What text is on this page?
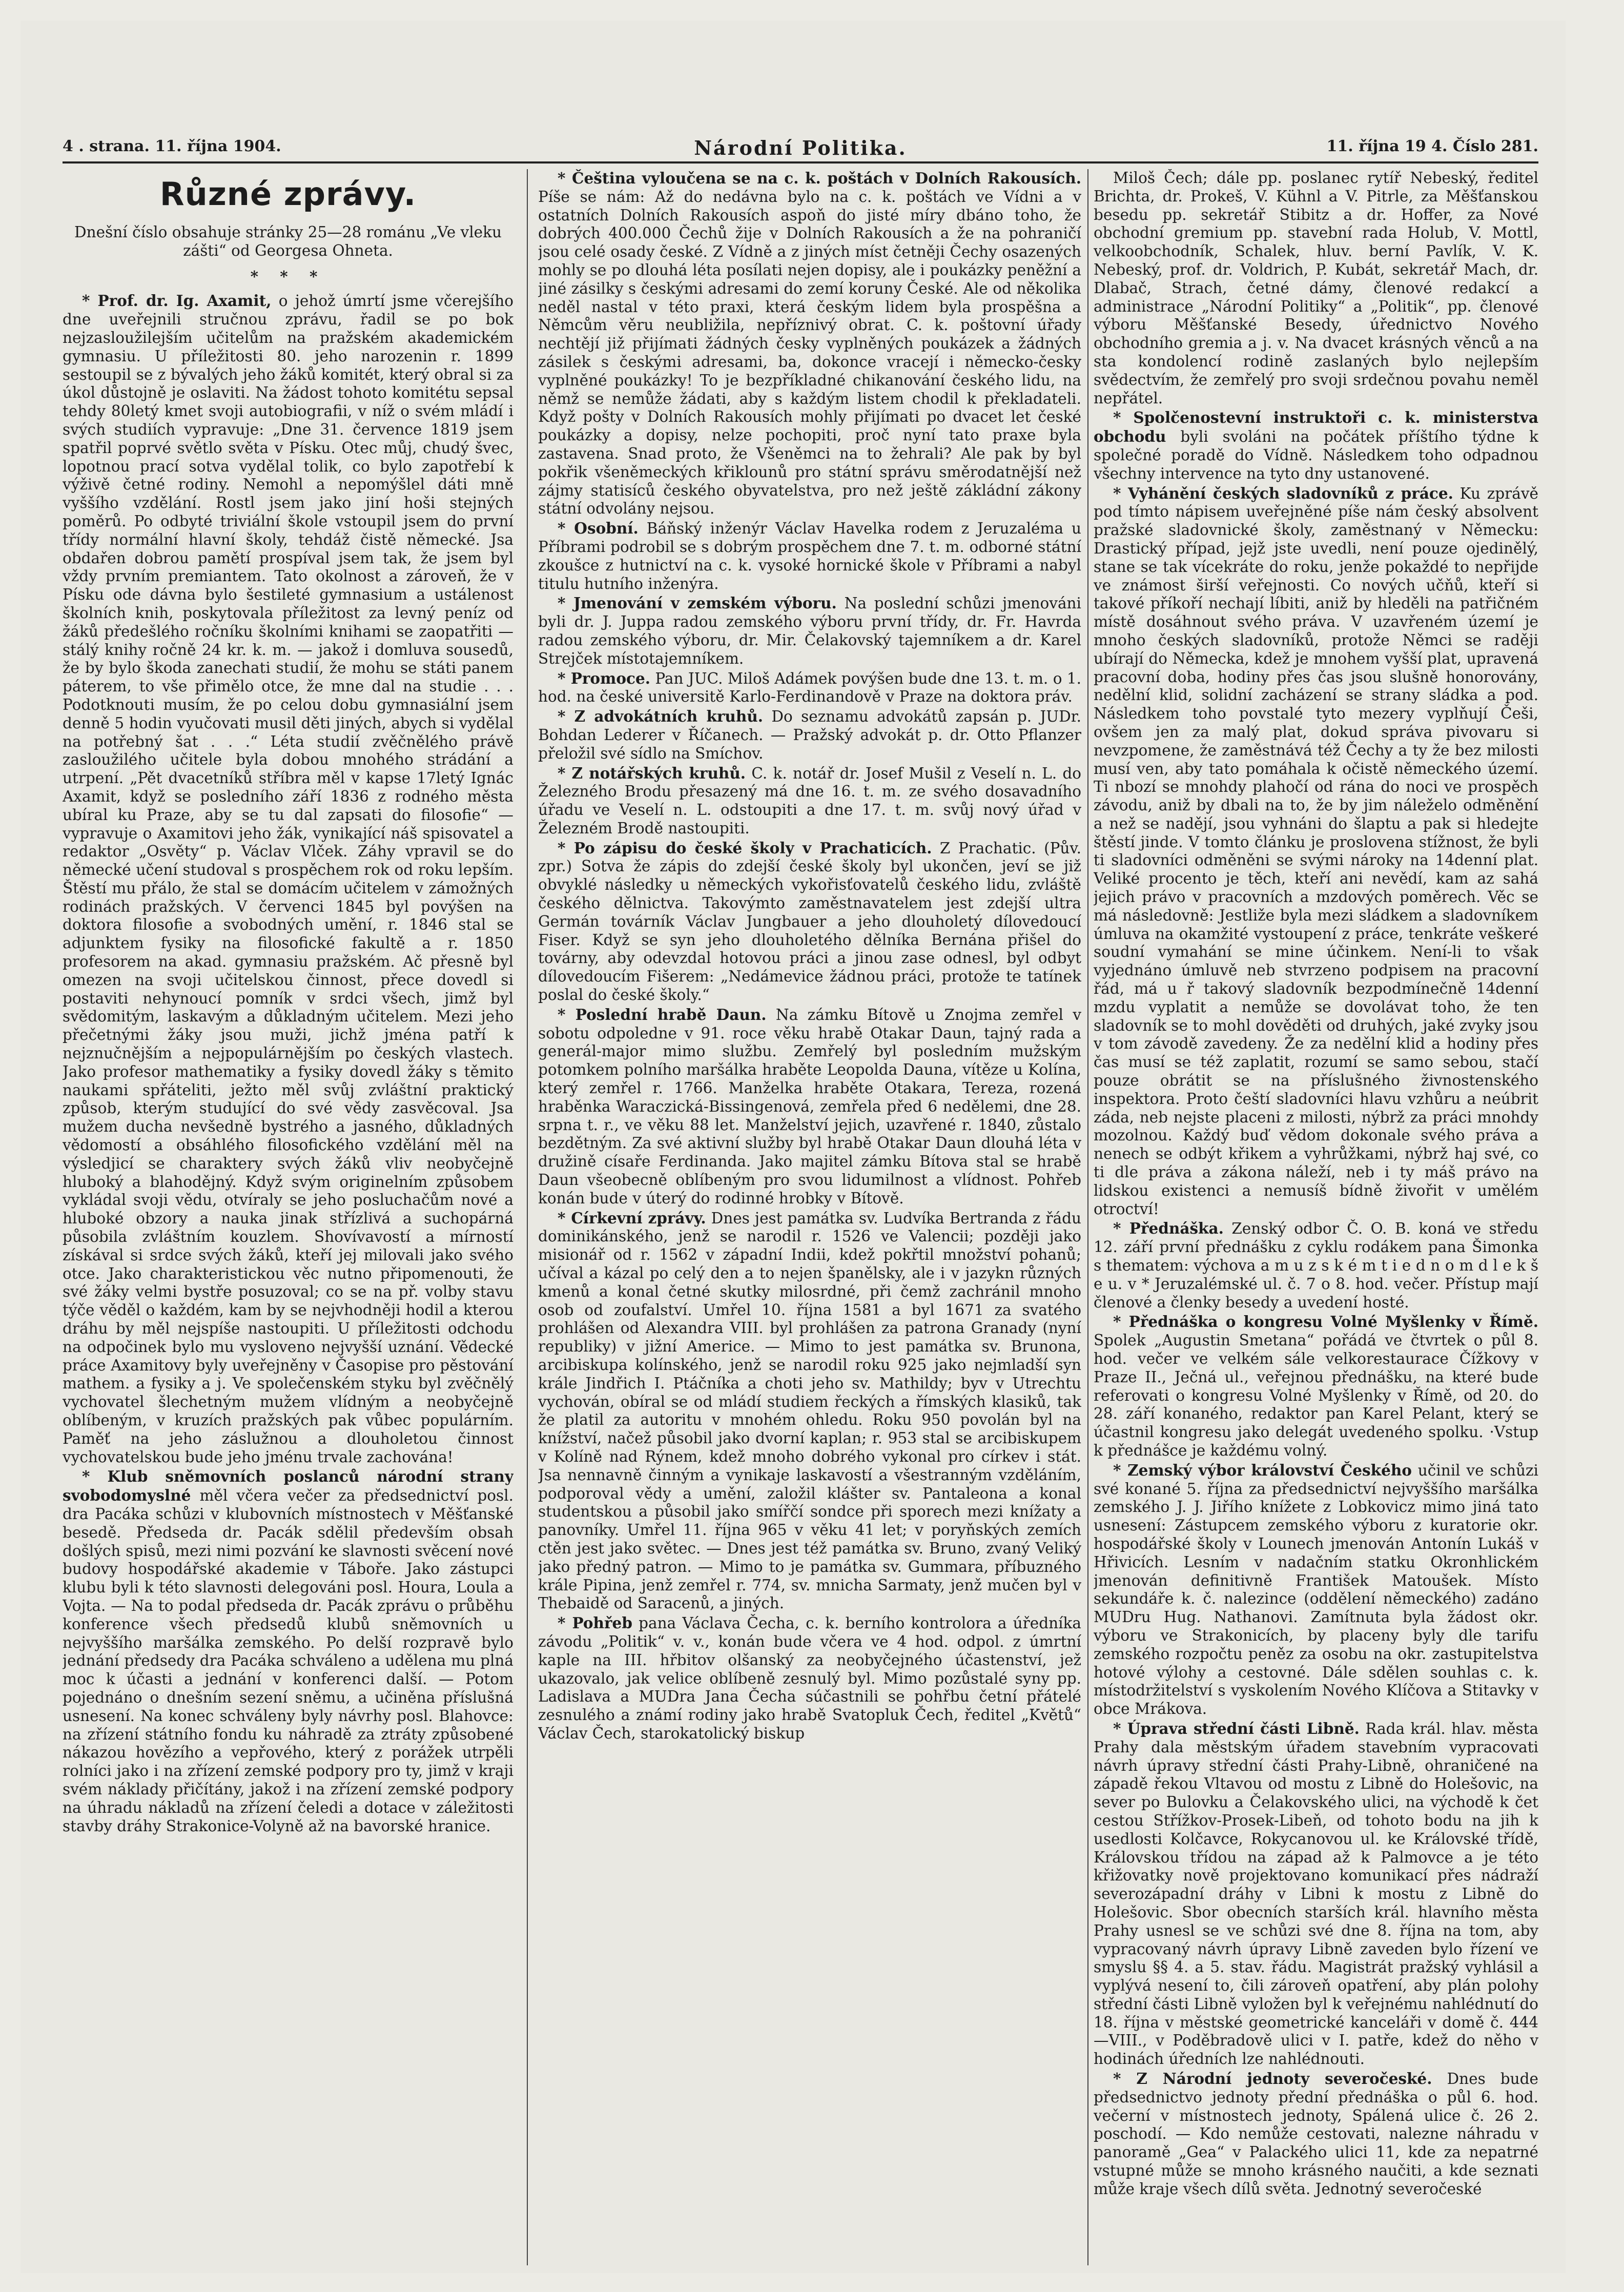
4 . strana. 11. října 1904.	Národní Politika.	11. října 19 4. Číslo 281.
Různé zprávy.

Dnešní číslo obsahuje stránky 25—28 románu „Ve vleku zášti“ od Georgesa Ohneta.

* * *

* Prof. dr. Ig. Axamit, o jehož úmrtí jsme včerejšího dne uveřejnili stručnou zprávu, řadil se po bok nejzasloužilejším učitelům na pražském akademickém gymnasiu. U příležitosti 80. jeho narozenin r. 1899 sestoupil se z bývalých jeho žáků komitét, který obral si za úkol důstojně je oslaviti. Na žádost tohoto komitétu sepsal tehdy 80letý kmet svoji autobiografii, v níž o svém mládí i svých studiích vypravuje: „Dne 31. července 1819 jsem spatřil poprvé světlo světa v Písku. Otec můj, chudý švec, lopotnou prací sotva vydělal tolik, co bylo zapotřebí k výživě četné rodiny. Nemohl a nepomýšlel dáti mně vyššího vzdělání. Rostl jsem jako jiní hoši stejných poměrů. Po odbyté triviální škole vstoupil jsem do první třídy normální hlavní školy, tehdáž čistě německé. Jsa obdařen dobrou pamětí prospíval jsem tak, že jsem byl vždy prvním premiantem. Tato okolnost a zároveň, že v Písku ode dávna bylo šestileté gymnasium a ustálenost školních knih, poskytovala příležitost za levný peníz od žáků předešlého ročníku školními knihami se zaopatřiti — stálý knihy ročně 24 kr. k. m. — jakož i domluva sousedů, že by bylo škoda zanechati studií, že mohu se státi panem páterem, to vše přimělo otce, že mne dal na studie . . . Podotknouti musím, že po celou dobu gymnasiální jsem denně 5 hodin vyučovati musil děti jiných, abych si vydělal na potřebný šat . . .“ Léta studií zvěčnělého právě zasloužilého učitele byla dobou mnohého strádání a utrpení. „Pět dvacetníků stříbra měl v kapse 17letý Ignác Axamit, když se posledního září 1836 z rodného města ubíral ku Praze, aby se tu dal zapsati do filosofie“ — vypravuje o Axamitovi jeho žák, vynikající náš spisovatel a redaktor „Osvěty“ p. Václav Vlček. Záhy vpravil se do německé učení studoval s prospěchem rok od roku lepším. Štěstí mu přálo, že stal se domácím učitelem v zámožných rodinách pražských. V červenci 1845 byl povýšen na doktora filosofie a svobodných umění, r. 1846 stal se adjunktem fysiky na filosofické fakultě a r. 1850 profesorem na akad. gymnasiu pražském. Ač přesně byl omezen na svoji učitelskou činnost, přece dovedl si postaviti nehynoucí pomník v srdci všech, jimž byl svědomitým, laskavým a důkladným učitelem. Mezi jeho přečetnými žáky jsou muži, jichž jména patří k nejznučnějším a nejpopulárnějším po českých vlastech. Jako profesor mathematiky a fysiky dovedl žáky s těmito naukami spřáteliti, ježto měl svůj zvláštní praktický způsob, kterým studující do své vědy zasvěcoval. Jsa mužem ducha nevšedně bystrého a jasného, důkladných vědomostí a obsáhlého filosofického vzdělání měl na výsledjicí se charaktery svých žáků vliv neobyčejně hluboký a blahodějný. Když svým originelním způsobem vykládal svoji vědu, otvíraly se jeho posluchačům nové a hluboké obzory a nauka jinak střízlivá a suchopárná působila zvláštním kouzlem. Shovívavostí a mírností získával si srdce svých žáků, kteří jej milovali jako svého otce. Jako charakteristickou věc nutno připomenouti, že své žáky velmi bystře posuzoval; co se na př. volby stavu týče věděl o každém, kam by se nejvhodněji hodil a kterou dráhu by měl nejspíše nastoupiti. U příležitosti odchodu na odpočinek bylo mu vysloveno nejvyšší uznání. Vědecké práce Axamitovy byly uveřejněny v Časopise pro pěstování mathem. a fysiky a j. Ve společenském styku byl zvěčnělý vychovatel šlechetným mužem vlídným a neobyčejně oblíbeným, v kruzích pražských pak vůbec populárním. Paměť na jeho záslužnou a dlouholetou činnost vychovatelskou bude jeho jménu trvale zachována!

* Klub sněmovních poslanců národní strany svobodomyslné měl včera večer za předsednictví posl. dra Pacáka schůzi v klubovních místnostech v Měšťanské besedě. Předseda dr. Pacák sdělil především obsah došlých spisů, mezi nimi pozvání ke slavnosti svěcení nové budovy hospodářské akademie v Táboře. Jako zástupci klubu byli k této slavnosti delegováni posl. Houra, Loula a Vojta. — Na to podal předseda dr. Pacák zprávu o průběhu konference všech předsedů klubů sněmovních u nejvyššího maršálka zemského. Po delší rozpravě bylo jednání předsedy dra Pacáka schváleno a udělena mu plná moc k účasti a jednání v konferenci další. — Potom pojednáno o dnešním sezení sněmu, a učiněna příslušná usnesení. Na konec schváleny byly návrhy posl. Blahovce: na zřízení státního fondu ku náhradě za ztráty způsobené nákazou hovězího a vepřového, který z porážek utrpěli rolníci jako i na zřízení zemské podpory pro ty, jimž v kraji svém náklady přičítány, jakož i na zřízení zemské podpory na úhradu nákladů na zřízení čeledi a dotace v záležitosti stavby dráhy Strakonice-Volyně až na bavorské hranice.

* Čeština vyloučena se na c. k. poštách v Dolních Rakousích. Píše se nám: Až do nedávna bylo na c. k. poštách ve Vídni a v ostatních Dolních Rakousích aspoň do jisté míry dbáno toho, že dobrých 400.000 Čechů žije v Dolních Rakousích a že na pohraničí jsou celé osady české. Z Vídně a z jiných míst četněji Čechy osazených mohly se po dlouhá léta posílati nejen dopisy, ale i poukázky peněžní a jiné zásilky s českými adresami do zemí koruny České. Ale od několika neděl nastal v této praxi, která českým lidem byla prospěšna a Němcům věru neubližila, nepříznivý obrat. C. k. poštovní úřady nechtějí již přijímati žádných česky vyplněných poukázek a žádných zásilek s českými adresami, ba, dokonce vracejí i německo-česky vyplněné poukázky! To je bezpříkladné chikanování českého lidu, na němž se nemůže žádati, aby s každým listem chodil k překladateli. Když pošty v Dolních Rakousích mohly přijímati po dvacet let české poukázky a dopisy, nelze pochopiti, proč nyní tato praxe byla zastavena. Snad proto, že Všeněmci na to žehrali? Ale pak by byl pokřik všeněmeckých křiklounů pro státní správu směrodatnější než zájmy statisíců českého obyvatelstva, pro než ještě zákládní zákony státní odvolány nejsou.

* Osobní. Báňský inženýr Václav Havelka rodem z Jeruzaléma u Příbrami podrobil se s dobrým prospěchem dne 7. t. m. odborné státní zkoušce z hutnictví na c. k. vysoké hornické škole v Příbrami a nabyl titulu hutního inženýra.

* Jmenování v zemském výboru. Na poslední schůzi jmenováni byli dr. J. Juppa radou zemského výboru první třídy, dr. Fr. Havrda radou zemského výboru, dr. Mir. Čelakovský tajemníkem a dr. Karel Strejček místotajemníkem.

* Promoce. Pan JUC. Miloš Adámek povýšen bude dne 13. t. m. o 1. hod. na české universitě Karlo-Ferdinandově v Praze na doktora práv.

* Z advokátních kruhů. Do seznamu advokátů zapsán p. JUDr. Bohdan Lederer v Říčanech. — Pražský advokát p. dr. Otto Pflanzer přeložil své sídlo na Smíchov.

* Z notářských kruhů. C. k. notář dr. Josef Mušil z Veselí n. L. do Železného Brodu přesazený má dne 16. t. m. ze svého dosavadního úřadu ve Veselí n. L. odstoupiti a dne 17. t. m. svůj nový úřad v Železném Brodě nastoupiti.

* Po zápisu do české školy v Prachaticích. Z Prachatic. (Pův. zpr.) Sotva že zápis do zdejší české školy byl ukončen, jeví se již obvyklé následky u německých vykořisťovatelů českého lidu, zvláště českého dělnictva. Takovýmto zaměstnavatelem jest zdejší ultra Germán továrník Václav Jungbauer a jeho dlouholetý dílovedoucí Fiser. Když se syn jeho dlouholetého dělníka Bernána přišel do továrny, aby odevzdal hotovou práci a jinou zase odnesl, byl odbyt dílovedoucím Fišerem: „Nedámevice žádnou práci, protože te tatínek poslal do české školy.“

* Poslední hrabě Daun. Na zámku Bítově u Znojma zemřel v sobotu odpoledne v 91. roce věku hrabě Otakar Daun, tajný rada a generál-major mimo službu. Zemřelý byl posledním mužským potomkem polního maršálka hraběte Leopolda Dauna, vítěze u Kolína, který zemřel r. 1766. Manželka hraběte Otakara, Tereza, rozená hraběnka Waraczická-Bissingenová, zemřela před 6 nedělemi, dne 28. srpna t. r., ve věku 88 let. Manželství jejich, uzavřené r. 1840, zůstalo bezdětným. Za své aktivní služby byl hrabě Otakar Daun dlouhá léta v družině císaře Ferdinanda. Jako majitel zámku Bítova stal se hrabě Daun všeobecně oblíbeným pro svou lidumilnost a vlídnost. Pohřeb konán bude v úterý do rodinné hrobky v Bítově.

* Církevní zprávy. Dnes jest památka sv. Ludvíka Bertranda z řádu dominikánského, jenž se narodil r. 1526 ve Valencii; později jako misionář od r. 1562 v západní Indii, kdež pokřtil množství pohanů; učíval a kázal po celý den a to nejen španělsky, ale i v jazykn různých kmenů a konal četné skutky milosrdné, při čemž zachránil mnoho osob od zoufalství. Umřel 10. října 1581 a byl 1671 za svatého prohlášen od Alexandra VIII. byl prohlášen za patrona Granady (nyní republiky) v jižní Americe. — Mimo to jest památka sv. Brunona, arcibiskupa kolínského, jenž se narodil roku 925 jako nejmladší syn krále Jindřich I. Ptáčníka a choti jeho sv. Mathildy; byv v Utrechtu vychován, obíral se od mládí studiem řeckých a římských klasiků, tak že platil za autoritu v mnohém ohledu. Roku 950 povolán byl na knížství, načež působil jako dvorní kaplan; r. 953 stal se arcibiskupem v Kolíně nad Rýnem, kdež mnoho dobrého vykonal pro církev i stát. Jsa nennavně činným a vynikaje laskavostí a všestranným vzděláním, podporoval vědy a umění, založil klášter sv. Pantaleona a konal studentskou a působil jako smířčí sondce při sporech mezi knížaty a panovníky. Umřel 11. října 965 v věku 41 let; v poryňských zemích ctěn jest jako světec. — Dnes jest též památka sv. Bruno, zvaný Veliký jako předný patron. — Mimo to je památka sv. Gummara, příbuzného krále Pipina, jenž zemřel r. 774, sv. mnicha Sarmaty, jenž mučen byl v Thebaidě od Saracenů, a jiných.

* Pohřeb pana Václava Čecha, c. k. berního kontrolora a úředníka závodu „Politik“ v. v., konán bude včera ve 4 hod. odpol. z úmrtní kaple na III. hřbitov olšanský za neobyčejného účastenství, jež ukazovalo, jak velice oblíbeně zesnulý byl. Mimo pozůstalé syny pp. Ladislava a MUDra Jana Čecha súčastnili se pohřbu četní přátelé zesnulého a známí rodiny jako hrabě Svatopluk Čech, ředitel „Květů“ Václav Čech, starokatolický biskup

Miloš Čech; dále pp. poslanec rytíř Nebeský, ředitel Brichta, dr. Prokeš, V. Kühnl a V. Pitrle, za Měšťanskou besedu pp. sekretář Stibitz a dr. Hoffer, za Nové obchodní gremium pp. stavební rada Holub, V. Mottl, velkoobchodník, Schalek, hluv. berní Pavlík, V. K. Nebeský, prof. dr. Voldrich, P. Kubát, sekretář Mach, dr. Dlabač, Strach, četné dámy, členové redakcí a administrace „Národní Politiky“ a „Politik“, pp. členové výboru Měšťanské Besedy, úřednictvo Nového obchodního gremia a j. v. Na dvacet krásných věnců a na sta kondolencí rodině zaslaných bylo nejlepším svědectvím, že zemřelý pro svoji srdečnou povahu neměl nepřátel.

* Spolčenostevní instruktoři c. k. ministerstva obchodu byli svoláni na počátek příštího týdne k společné poradě do Vídně. Následkem toho odpadnou všechny intervence na tyto dny ustanovené.

* Vyhánění českých sladovníků z práce. Ku zprávě pod tímto nápisem uveřejněné píše nám český absolvent pražské sladovnické školy, zaměstnaný v Německu: Drastický případ, jejž jste uvedli, není pouze ojedinělý, stane se tak vícekráte do roku, jenže pokaždé to nepřijde ve známost širší veřejnosti. Co nových učňů, kteří si takové příkoří nechají líbiti, aniž by hleděli na patřičném místě dosáhnout svého práva. V uzavřeném území je mnoho českých sladovníků, protože Němci se raději ubírají do Německa, kdež je mnohem vyšší plat, upravená pracovní doba, hodiny přes čas jsou slušně honorovány, nedělní klid, solidní zacházení se strany sládka a pod. Následkem toho povstalé tyto mezery vyplňují Češi, ovšem jen za malý plat, dokud správa pivovaru si nevzpomene, že zaměstnává též Čechy a ty že bez milosti musí ven, aby tato pomáhala k očistě německého území. Ti nbozí se mnohdy plahočí od rána do noci ve prospěch závodu, aniž by dbali na to, že by jim náleželo odměnění a než se nadějí, jsou vyhnáni do šlaptu a pak si hledejte štěstí jinde. V tomto článku je proslovena stížnost, že byli ti sladovníci odměněni se svými nároky na 14denní plat. Veliké procento je těch, kteří ani nevědí, kam az sahá jejich právo v pracovních a mzdových poměrech. Věc se má následovně: Jestliže byla mezi sládkem a sladovníkem úmluva na okamžité vystoupení z práce, tenkráte veškeré soudní vymahání se mine účinkem. Není-li to však vyjednáno úmluvě neb stvrzeno podpisem na pracovní řád, má u ř takový sladovník bezpodmínečně 14denní mzdu vyplatit a nemůže se dovolávat toho, že ten sladovník se to mohl dověděti od druhých, jaké zvyky jsou v tom závodě zavedeny. Že za nedělní klid a hodiny přes čas musí se též zaplatit, rozumí se samo sebou, stačí pouze obrátit se na příslušného živnostenského inspektora. Proto čeští sladovníci hlavu vzhůru a neúbrit záda, neb nejste placeni z milosti, nýbrž za práci mnohdy mozolnou. Každý buď vědom dokonale svého práva a nenech se odbýt křikem a vyhrůžkami, nýbrž haj své, co ti dle práva a zákona náleží, neb i ty máš právo na lidskou existenci a nemusíš bídně živořit v umělém otroctví!

* Přednáška. Zenský odbor Č. O. B. koná ve středu 12. září první přednášku z cyklu rodákem pana Šimonka s thematem: výchova a m u z s k é m t i e d n o m d l e k š e u. v * Jeruzalémské ul. č. 7 o 8. hod. večer. Přístup mají členové a členky besedy a uvedení hosté.

* Přednáška o kongresu Volné Myšlenky v Římě. Spolek „Augustin Smetana“ pořádá ve čtvrtek o půl 8. hod. večer ve velkém sále velkorestaurace Čížkovy v Praze II., Ječná ul., veřejnou přednášku, na které bude referovati o kongresu Volné Myšlenky v Římě, od 20. do 28. září konaného, redaktor pan Karel Pelant, který se účastnil kongresu jako delegát uvedeného spolku. ·Vstup k přednášce je každému volný.

* Zemský výbor království Českého učinil ve schůzi své konané 5. října za předsednictví nejvyššího maršálka zemského J. J. Jiřího knížete z Lobkovicz mimo jiná tato usnesení: Zástupcem zemského výboru z kuratorie okr. hospodářské školy v Lounech jmenován Antonín Lukáš v Hřivicích. Lesním v nadačním statku Okronhlickém jmenován definitivně František Matoušek. Místo sekundáře k. č. nalezince (oddělení německého) zadáno MUDru Hug. Nathanovi. Zamítnuta byla žádost okr. výboru ve Strakonicích, by placeny byly dle tarifu zemského rozpočtu peněz za osobu na okr. zastupitelstva hotové výlohy a cestovné. Dále sdělen souhlas c. k. místodržitelství s vyskolením Nového Klíčova a Stitavky v obce Mrákova.

* Úprava střední části Libně. Rada král. hlav. města Prahy dala městským úřadem stavebním vypracovati návrh úpravy střední části Prahy-Libně, ohraničené na západě řekou Vltavou od mostu z Libně do Holešovic, na sever po Bulovku a Čelakovského ulici, na východě k čet cestou Střížkov-Prosek-Libeň, od tohoto bodu na jih k usedlosti Kolčavce, Rokycanovou ul. ke Královské třídě, Královskou třídou na západ až k Palmovce a je této křižovatky nově projektovano komunikací přes nádraží severozápadní dráhy v Libni k mostu z Libně do Holešovic. Sbor obecních starších král. hlavního města Prahy usnesl se ve schůzi své dne 8. října na tom, aby vypracovaný návrh úpravy Libně zaveden bylo řízení ve smyslu §§ 4. a 5. stav. řádu. Magistrát pražský vyhlásil a vyplývá nesení to, čili zároveň opatření, aby plán polohy střední části Libně vyložen byl k veřejnému nahlédnutí do 18. října v městské geometrické kanceláři v domě č. 444—VIII., v Poděbradově ulici v I. patře, kdež do něho v hodinách úředních lze nahlédnouti.

* Z Národní jednoty severočeské. Dnes bude předsednictvo jednoty přední přednáška o půl 6. hod. večerní v místnostech jednoty, Spálená ulice č. 26 2. poschodí. — Kdo nemůže cestovati, nalezne náhradu v panoramě „Gea“ v Palackého ulici 11, kde za nepatrné vstupné může se mnoho krásného naučiti, a kde seznati může kraje všech dílů světa. Jednotný severočeské
